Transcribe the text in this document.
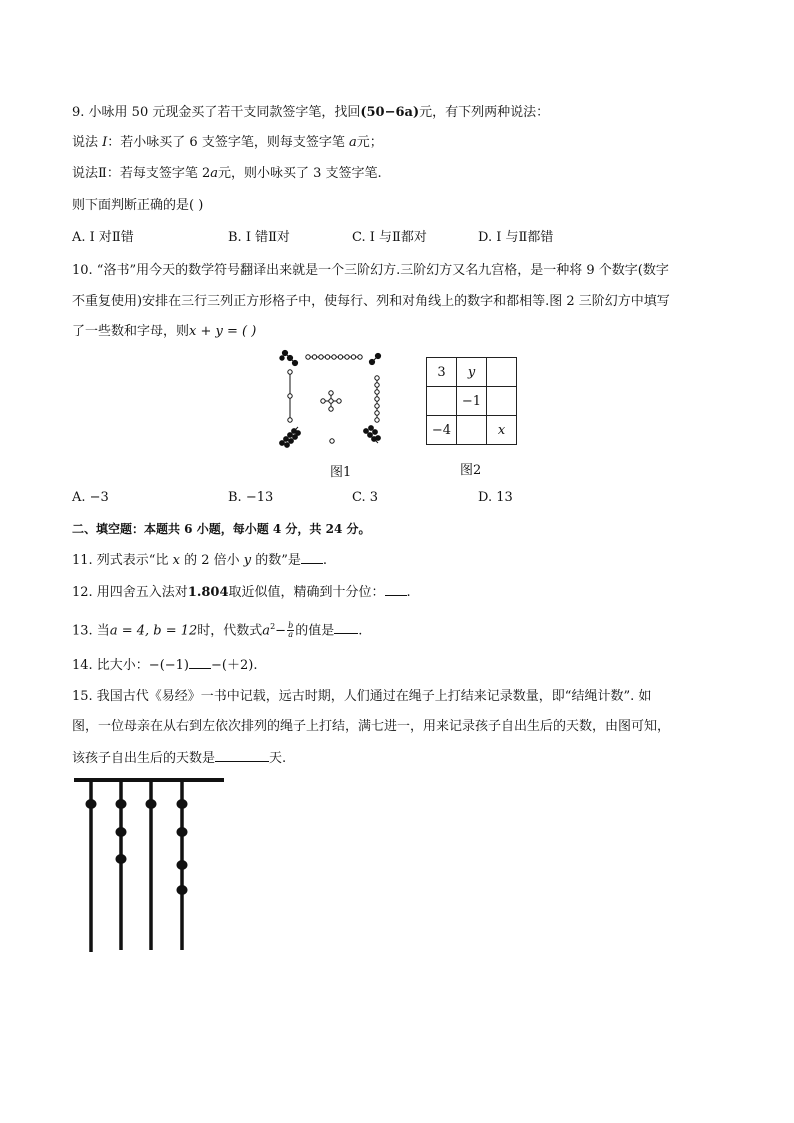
9. 小咏用 50 元现金买了若干支同款签字笔，找回(50−6a)元，有下列两种说法：
说法 I：若小咏买了 6 支签字笔，则每支签字笔 a元；
说法Ⅱ：若每支签字笔 2a元，则小咏买了 3 支签字笔.
则下面判断正确的是( )
A. I 对Ⅱ错	B. I 错Ⅱ对	C. I 与Ⅱ都对	D. I 与Ⅱ都错
10. “洛书”用今天的数学符号翻译出来就是一个三阶幻方.三阶幻方又名九宫格，是一种将 9 个数字(数字
不重复使用)安排在三行三列正方形格子中，使每行、列和对角线上的数字和都相等.图 2 三阶幻方中填写
了一些数和字母，则x + y = ( )
图1
3	y	
	−1	
−4		x
图2
A. −3	B. −13	C. 3	D. 13
二、填空题：本题共 6 小题，每小题 4 分，共 24 分。
11. 列式表示“比 x 的 2 倍小 y 的数”是 .
12. 用四舍五入法对1.804取近似值，精确到十分位： .
13. 当a = 4, b = 12时，代数式$a^2- \frac{b}{a}$ 的值是 .
14. 比大小：−(−1) −(＋2).
15. 我国古代《易经》一书中记载，远古时期，人们通过在绳子上打结来记录数量，即“结绳计数”. 如
图，一位母亲在从右到左依次排列的绳子上打结，满七进一，用来记录孩子自出生后的天数，由图可知，
该孩子自出生后的天数是	天.
